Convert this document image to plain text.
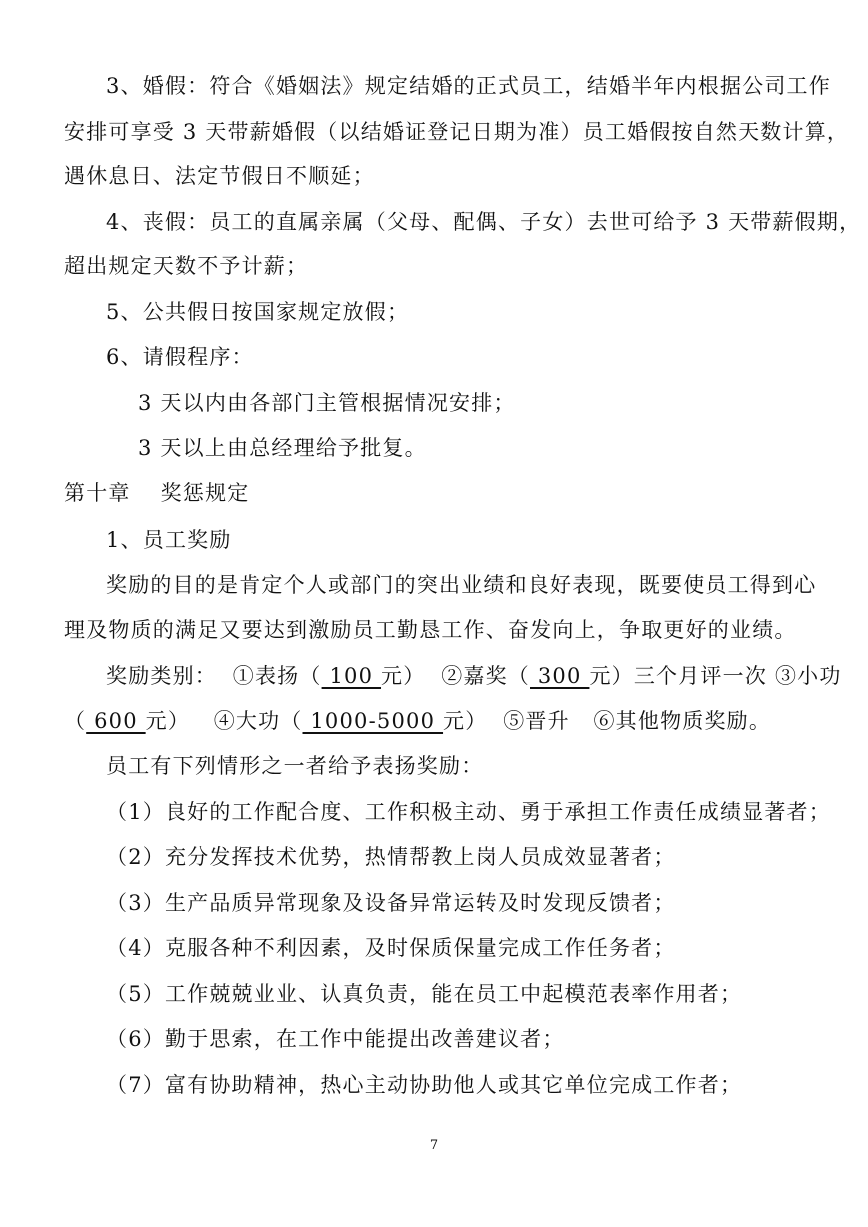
3、婚假：符合《婚姻法》规定结婚的正式员工，结婚半年内根据公司工作
安排可享受 3 天带薪婚假（以结婚证登记日期为准）员工婚假按自然天数计算，
遇休息日、法定节假日不顺延；
4、丧假：员工的直属亲属（父母、配偶、子女）去世可给予 3 天带薪假期，
超出规定天数不予计薪；
5、公共假日按国家规定放假；
6、请假程序：
3 天以内由各部门主管根据情况安排；
3 天以上由总经理给予批复。
第十章　 奖惩规定
1、员工奖励
奖励的目的是肯定个人或部门的突出业绩和良好表现，既要使员工得到心
理及物质的满足又要达到激励员工勤恳工作、奋发向上，争取更好的业绩。
奖励类别： ①表扬（ 100 元） ②嘉奖（ 300 元）三个月评一次 ③小功
（ 600 元） ④大功（ 1000-5000 元） ⑤晋升 ⑥其他物质奖励。
员工有下列情形之一者给予表扬奖励：
（1）良好的工作配合度、工作积极主动、勇于承担工作责任成绩显著者；
（2）充分发挥技术优势，热情帮教上岗人员成效显著者；
（3）生产品质异常现象及设备异常运转及时发现反馈者；
（4）克服各种不利因素，及时保质保量完成工作任务者；
（5）工作兢兢业业、认真负责，能在员工中起模范表率作用者；
（6）勤于思索，在工作中能提出改善建议者；
（7）富有协助精神，热心主动协助他人或其它单位完成工作者；
7
